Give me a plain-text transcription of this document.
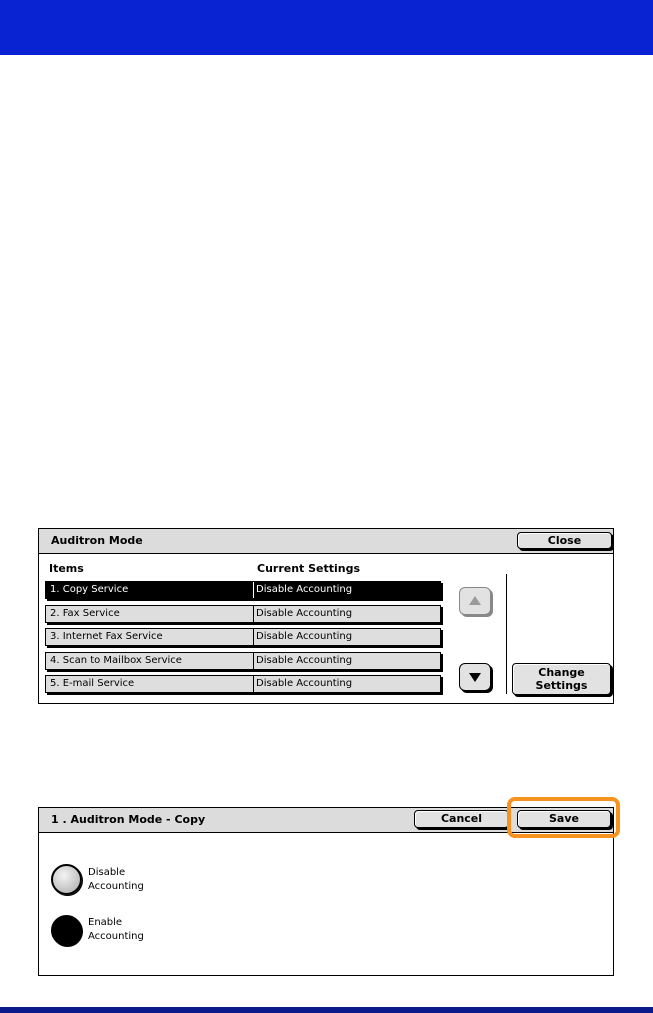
Auditron Mode	Close
Items	Current Settings
1. Copy Service	Disable Accounting
2. Fax Service	Disable Accounting
3. Internet Fax Service	Disable Accounting
4. Scan to Mailbox Service	Disable Accounting
5. E-mail Service	Disable Accounting
Change
Settings
1 . Auditron Mode - Copy	Cancel	Save
Disable
Accounting
Enable
Accounting
